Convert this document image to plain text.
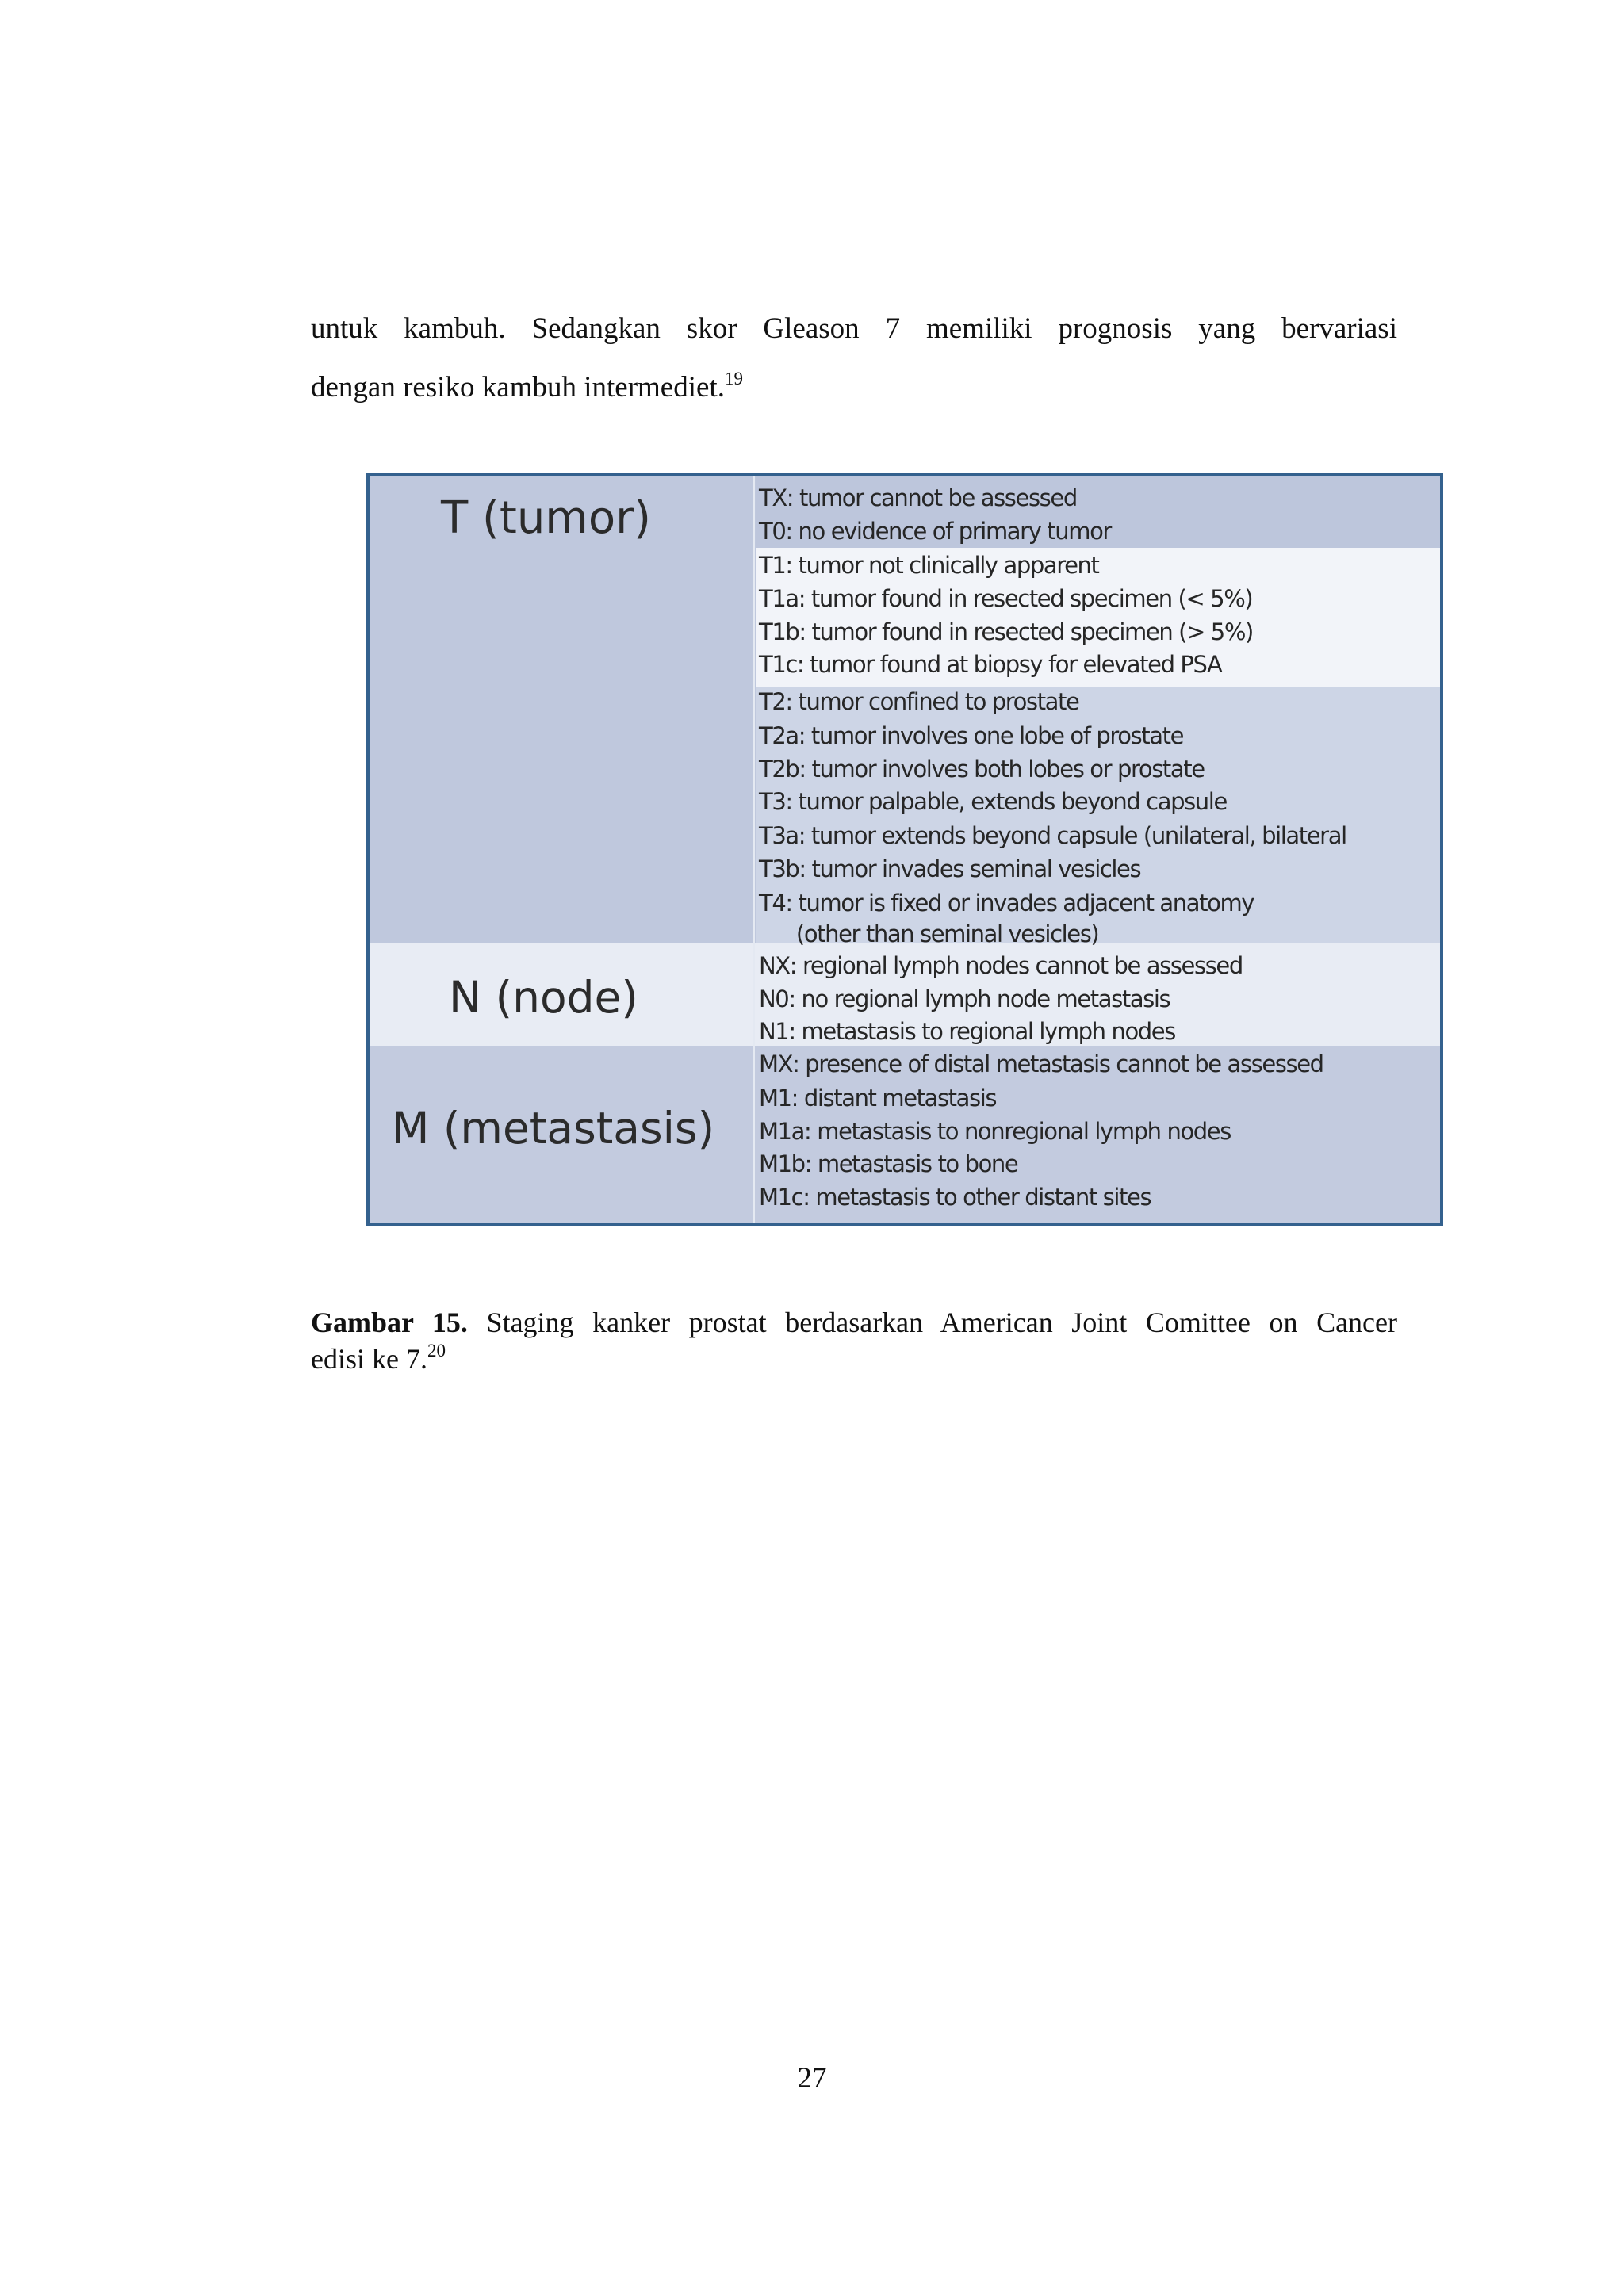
untuk kambuh. Sedangkan skor Gleason 7 memiliki prognosis yang bervariasi
dengan resiko kambuh intermediet.$^{19}$
T (tumor)
N (node)
M (metastasis)
TX: tumor cannot be assessed
T0: no evidence of primary tumor
T1: tumor not clinically apparent
T1a: tumor found in resected specimen (< 5%)
T1b: tumor found in resected specimen (> 5%)
T1c: tumor found at biopsy for elevated PSA
T2: tumor confined to prostate
T2a: tumor involves one lobe of prostate
T2b: tumor involves both lobes or prostate
T3: tumor palpable, extends beyond capsule
T3a: tumor extends beyond capsule (unilateral, bilateral
T3b: tumor invades seminal vesicles
T4: tumor is fixed or invades adjacent anatomy
(other than seminal vesicles)
NX: regional lymph nodes cannot be assessed
N0: no regional lymph node metastasis
N1: metastasis to regional lymph nodes
MX: presence of distal metastasis cannot be assessed
M1: distant metastasis
M1a: metastasis to nonregional lymph nodes
M1b: metastasis to bone
M1c: metastasis to other distant sites
Gambar 15. Staging kanker prostat berdasarkan American Joint Comittee on Cancer
edisi ke 7.20
27
